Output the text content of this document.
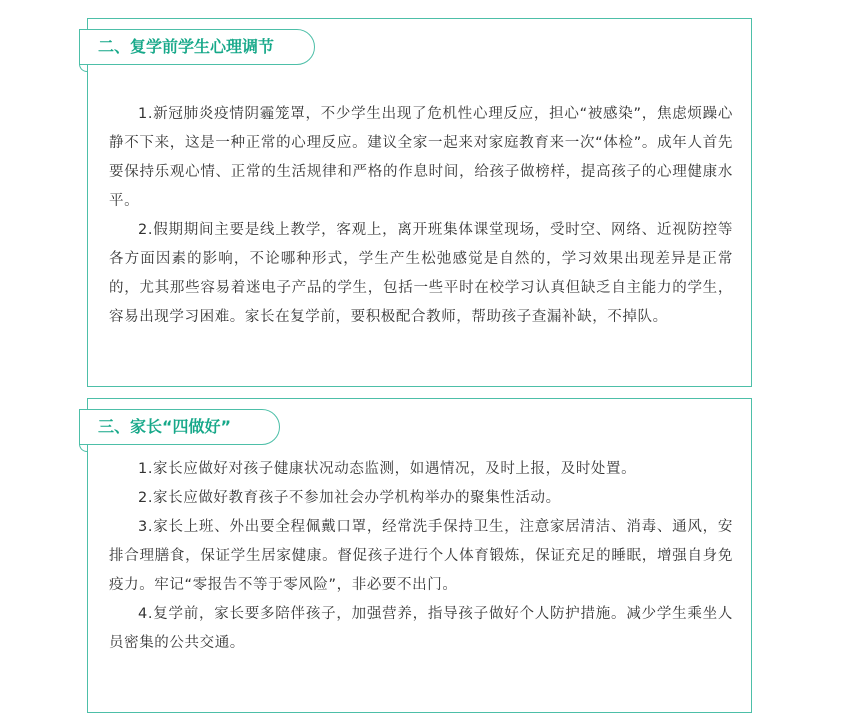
二、复学前学生心理调节

1.新冠肺炎疫情阴霾笼罩，不少学生出现了危机性心理反应，担心“被感染”，焦虑烦躁心静不下来，这是一种正常的心理反应。建议全家一起来对家庭教育来一次“体检”。成年人首先要保持乐观心情、正常的生活规律和严格的作息时间，给孩子做榜样，提高孩子的心理健康水平。

2.假期期间主要是线上教学，客观上，离开班集体课堂现场，受时空、网络、近视防控等各方面因素的影响，不论哪种形式，学生产生松弛感觉是自然的，学习效果出现差异是正常的，尤其那些容易着迷电子产品的学生，包括一些平时在校学习认真但缺乏自主能力的学生，容易出现学习困难。家长在复学前，要积极配合教师，帮助孩子查漏补缺，不掉队。

三、家长“四做好”

1.家长应做好对孩子健康状况动态监测，如遇情况，及时上报，及时处置。

2.家长应做好教育孩子不参加社会办学机构举办的聚集性活动。

3.家长上班、外出要全程佩戴口罩，经常洗手保持卫生，注意家居清洁、消毒、通风，安排合理膳食，保证学生居家健康。督促孩子进行个人体育锻炼，保证充足的睡眠，增强自身免疫力。牢记“零报告不等于零风险”，非必要不出门。

4.复学前，家长要多陪伴孩子，加强营养，指导孩子做好个人防护措施。减少学生乘坐人员密集的公共交通。
